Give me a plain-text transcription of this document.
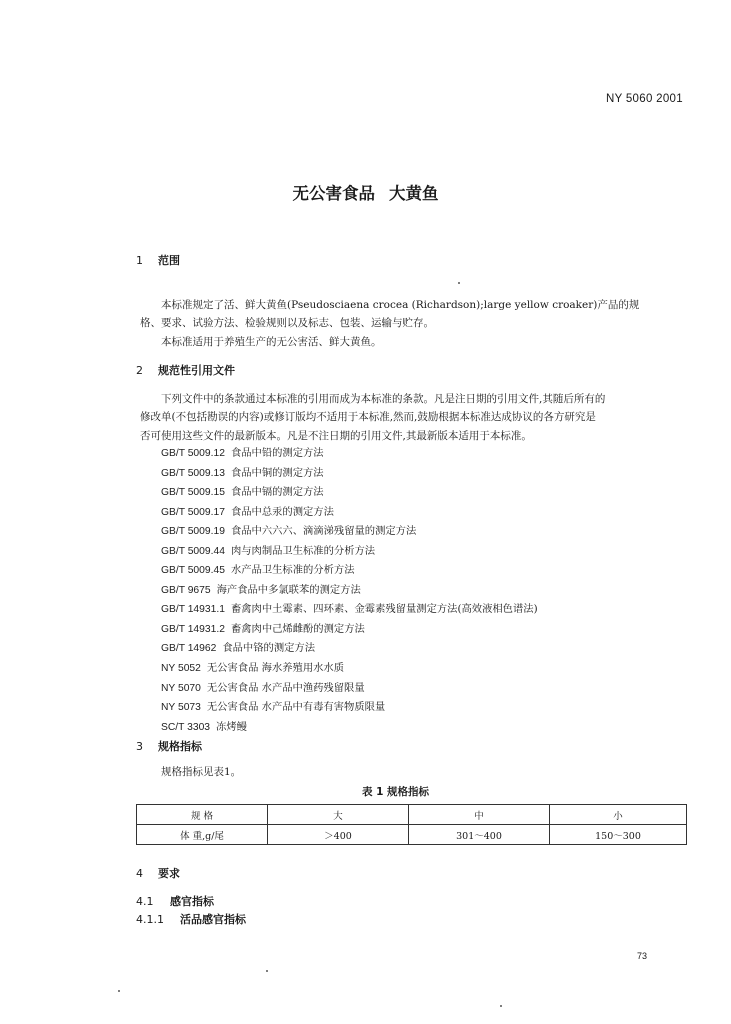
NY 5060 2001
无公害食品 大黄鱼
1 范围
本标准规定了活、鲜大黄鱼(Pseudosciaena crocea (Richardson);large yellow croaker)产品的规
格、要求、试验方法、检验规则以及标志、包装、运输与贮存。
本标准适用于养殖生产的无公害活、鲜大黄鱼。
2 规范性引用文件
下列文件中的条款通过本标准的引用而成为本标准的条款。凡是注日期的引用文件,其随后所有的
修改单(不包括勘误的内容)或修订版均不适用于本标准,然而,鼓励根据本标准达成协议的各方研究是
否可使用这些文件的最新版本。凡是不注日期的引用文件,其最新版本适用于本标准。
GB/T 5009.12 食品中铅的测定方法
GB/T 5009.13 食品中铜的测定方法
GB/T 5009.15 食品中镉的测定方法
GB/T 5009.17 食品中总汞的测定方法
GB/T 5009.19 食品中六六六、滴滴涕残留量的测定方法
GB/T 5009.44 肉与肉制品卫生标准的分析方法
GB/T 5009.45 水产品卫生标准的分析方法
GB/T 9675 海产食品中多氯联苯的测定方法
GB/T 14931.1 畜禽肉中土霉素、四环素、金霉素残留量测定方法(高效液相色谱法)
GB/T 14931.2 畜禽肉中己烯雌酚的测定方法
GB/T 14962 食品中铬的测定方法
NY 5052 无公害食品 海水养殖用水水质
NY 5070 无公害食品 水产品中渔药残留限量
NY 5073 无公害食品 水产品中有毒有害物质限量
SC/T 3303 冻烤鳗
3 规格指标
规格指标见表1。
表 1 规格指标
规 格	大	中	小
体 重,g/尾	＞400	301～400	150～300
4 要求
4.1 感官指标
4.1.1 活品感官指标
73
